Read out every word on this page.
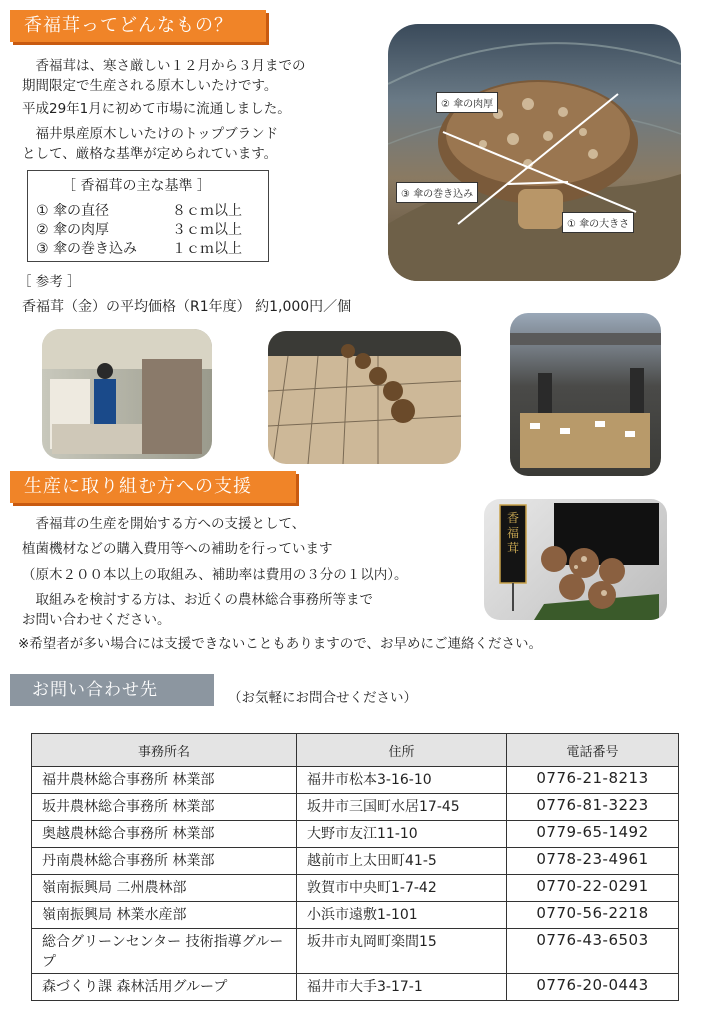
香福茸ってどんなもの？
　香福茸は、寒さ厳しい１２月から３月までの
期間限定で生産される原木しいたけです。
平成29年1月に初めて市場に流通しました。
　福井県産原木しいたけのトップブランド
として、厳格な基準が定められています。
［ 香福茸の主な基準 ］
① 傘の直径	８ｃｍ以上
② 傘の肉厚	３ｃｍ以上
③ 傘の巻き込み １ｃｍ以上
［ 参考 ］
香福茸（金）の平均価格（R1年度） 約1,000円／個
② 傘の肉厚
③ 傘の巻き込み
① 傘の大きさ
生産に取り組む方への支援
　香福茸の生産を開始する方への支援として、
植菌機材などの購入費用等への補助を行っています
（原木２００本以上の取組み、補助率は費用の３分の１以内）。
　取組みを検討する方は、お近くの農林総合事務所等まで
お問い合わせください。
※希望者が多い場合には支援できないこともありますので、お早めにご連絡ください。
香福茸
お問い合わせ先	（お気軽にお問合せください）
事務所名	住所	電話番号
福井農林総合事務所 林業部	福井市松本3-16-10	0776-21-8213
坂井農林総合事務所 林業部	坂井市三国町水居17-45	0776-81-3223
奥越農林総合事務所 林業部	大野市友江11-10	0779-65-1492
丹南農林総合事務所 林業部	越前市上太田町41-5	0778-23-4961
嶺南振興局 二州農林部	敦賀市中央町1-7-42	0770-22-0291
嶺南振興局 林業水産部	小浜市遠敷1-101	0770-56-2218
総合グリーンセンター 技術指導グループ	坂井市丸岡町楽間15	0776-43-6503
森づくり課 森林活用グループ	福井市大手3-17-1	0776-20-0443
